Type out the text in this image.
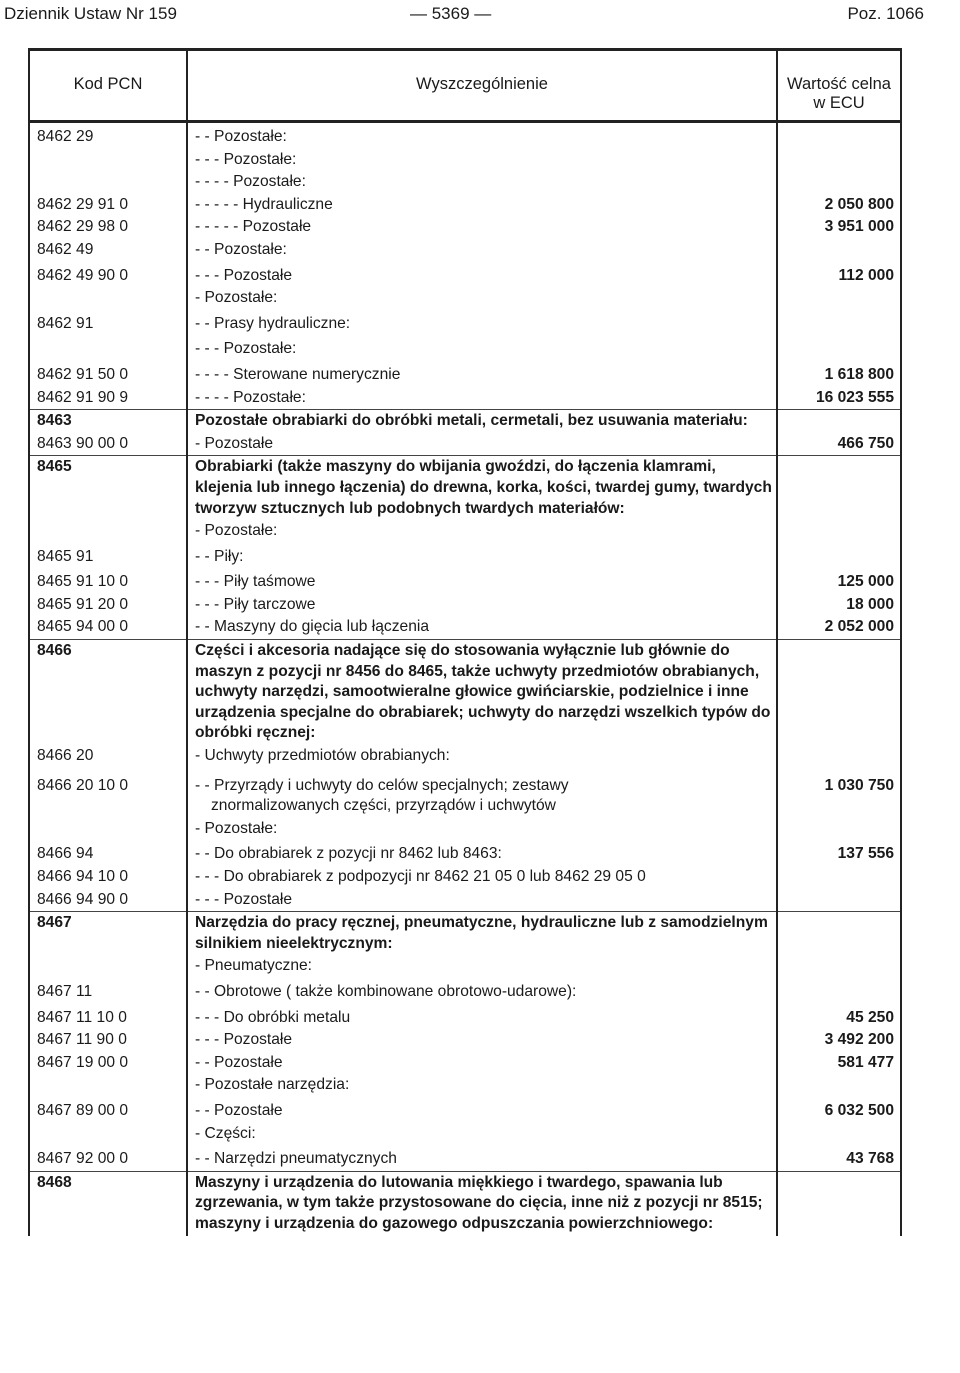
Dziennik Ustaw Nr 159	— 5369 —	Poz. 1066
Kod PCN	Wyszczególnienie	Wartość celna w ECU
8462 29	- - Pozostałe:	
	- - - Pozostałe:	
	- - - - Pozostałe:	
8462 29 91 0	- - - - - Hydrauliczne	2 050 800
8462 29 98 0	- - - - - Pozostałe	3 951 000
8462 49	- - Pozostałe:	
8462 49 90 0	- - - Pozostałe	112 000
	- Pozostałe:	
8462 91	- - Prasy hydrauliczne:	
	- - - Pozostałe:	
8462 91 50 0	- - - - Sterowane numerycznie	1 618 800
8462 91 90 9	- - - - Pozostałe:	16 023 555
8463	Pozostałe obrabiarki do obróbki metali, cermetali, bez usuwania materiału:	
8463 90 00 0	- Pozostałe	466 750
8465	Obrabiarki (także maszyny do wbijania gwoździ, do łączenia klamrami, klejenia lub innego łączenia) do drewna, korka, kości, twardej gumy, twardych tworzyw sztucznych lub podobnych twardych materiałów:	
	- Pozostałe:	
8465 91	- - Piły:	
8465 91 10 0	- - - Piły taśmowe	125 000
8465 91 20 0	- - - Piły tarczowe	18 000
8465 94 00 0	- - Maszyny do gięcia lub łączenia	2 052 000
8466	Części i akcesoria nadające się do stosowania wyłącznie lub głównie do maszyn z pozycji nr 8456 do 8465, także uchwyty przedmiotów obrabianych, uchwyty narzędzi, samootwieralne głowice gwińciarskie, podzielnice i inne urządzenia specjalne do obrabiarek; uchwyty do narzędzi wszelkich typów do obróbki ręcznej:	
8466 20	- Uchwyty przedmiotów obrabianych:	
8466 20 10 0	- - Przyrządy i uchwyty do celów specjalnych; zestawy
znormalizowanych części, przyrządów i uchwytów	1 030 750
	- Pozostałe:	
8466 94	- - Do obrabiarek z pozycji nr 8462 lub 8463:	137 556
8466 94 10 0	- - - Do obrabiarek z podpozycji nr 8462 21 05 0 lub 8462 29 05 0	
8466 94 90 0	- - - Pozostałe	
8467	Narzędzia do pracy ręcznej, pneumatyczne, hydrauliczne lub z samodzielnym silnikiem nieelektrycznym:	
	- Pneumatyczne:	
8467 11	- - Obrotowe ( także kombinowane obrotowo-udarowe):	
8467 11 10 0	- - - Do obróbki metalu	45 250
8467 11 90 0	- - - Pozostałe	3 492 200
8467 19 00 0	- - Pozostałe	581 477
	- Pozostałe narzędzia:	
8467 89 00 0	- - Pozostałe	6 032 500
	- Części:	
8467 92 00 0	- - Narzędzi pneumatycznych	43 768
8468	Maszyny i urządzenia do lutowania miękkiego i twardego, spawania lub zgrzewania, w tym także przystosowane do cięcia, inne niż z pozycji nr 8515; maszyny i urządzenia do gazowego odpuszczania powierzchniowego:	
